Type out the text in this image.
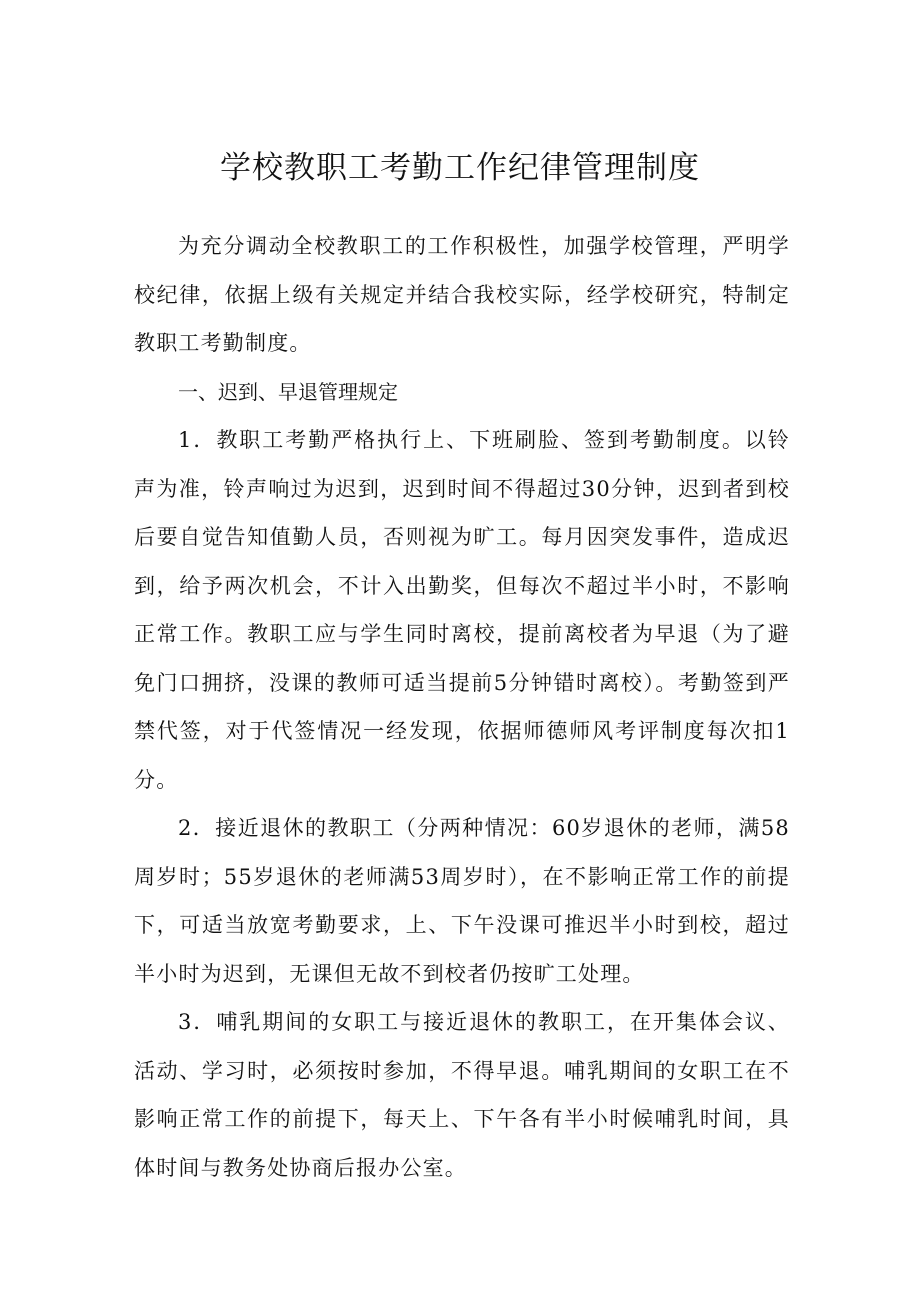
学校教职工考勤工作纪律管理制度

为充分调动全校教职工的工作积极性，加强学校管理，严明学校纪律，依据上级有关规定并结合我校实际，经学校研究，特制定教职工考勤制度。

一、迟到、早退管理规定

1．教职工考勤严格执行上、下班刷脸、签到考勤制度。以铃声为准，铃声响过为迟到，迟到时间不得超过30分钟，迟到者到校后要自觉告知值勤人员，否则视为旷工。每月因突发事件，造成迟到，给予两次机会，不计入出勤奖，但每次不超过半小时，不影响正常工作。教职工应与学生同时离校，提前离校者为早退（为了避免门口拥挤，没课的教师可适当提前5分钟错时离校）。考勤签到严禁代签，对于代签情况一经发现，依据师德师风考评制度每次扣1分。

2．接近退休的教职工（分两种情况：60岁退休的老师，满58周岁时；55岁退休的老师满53周岁时），在不影响正常工作的前提下，可适当放宽考勤要求，上、下午没课可推迟半小时到校，超过半小时为迟到，无课但无故不到校者仍按旷工处理。

3．哺乳期间的女职工与接近退休的教职工，在开集体会议、活动、学习时，必须按时参加，不得早退。哺乳期间的女职工在不影响正常工作的前提下，每天上、下午各有半小时候哺乳时间，具体时间与教务处协商后报办公室。
